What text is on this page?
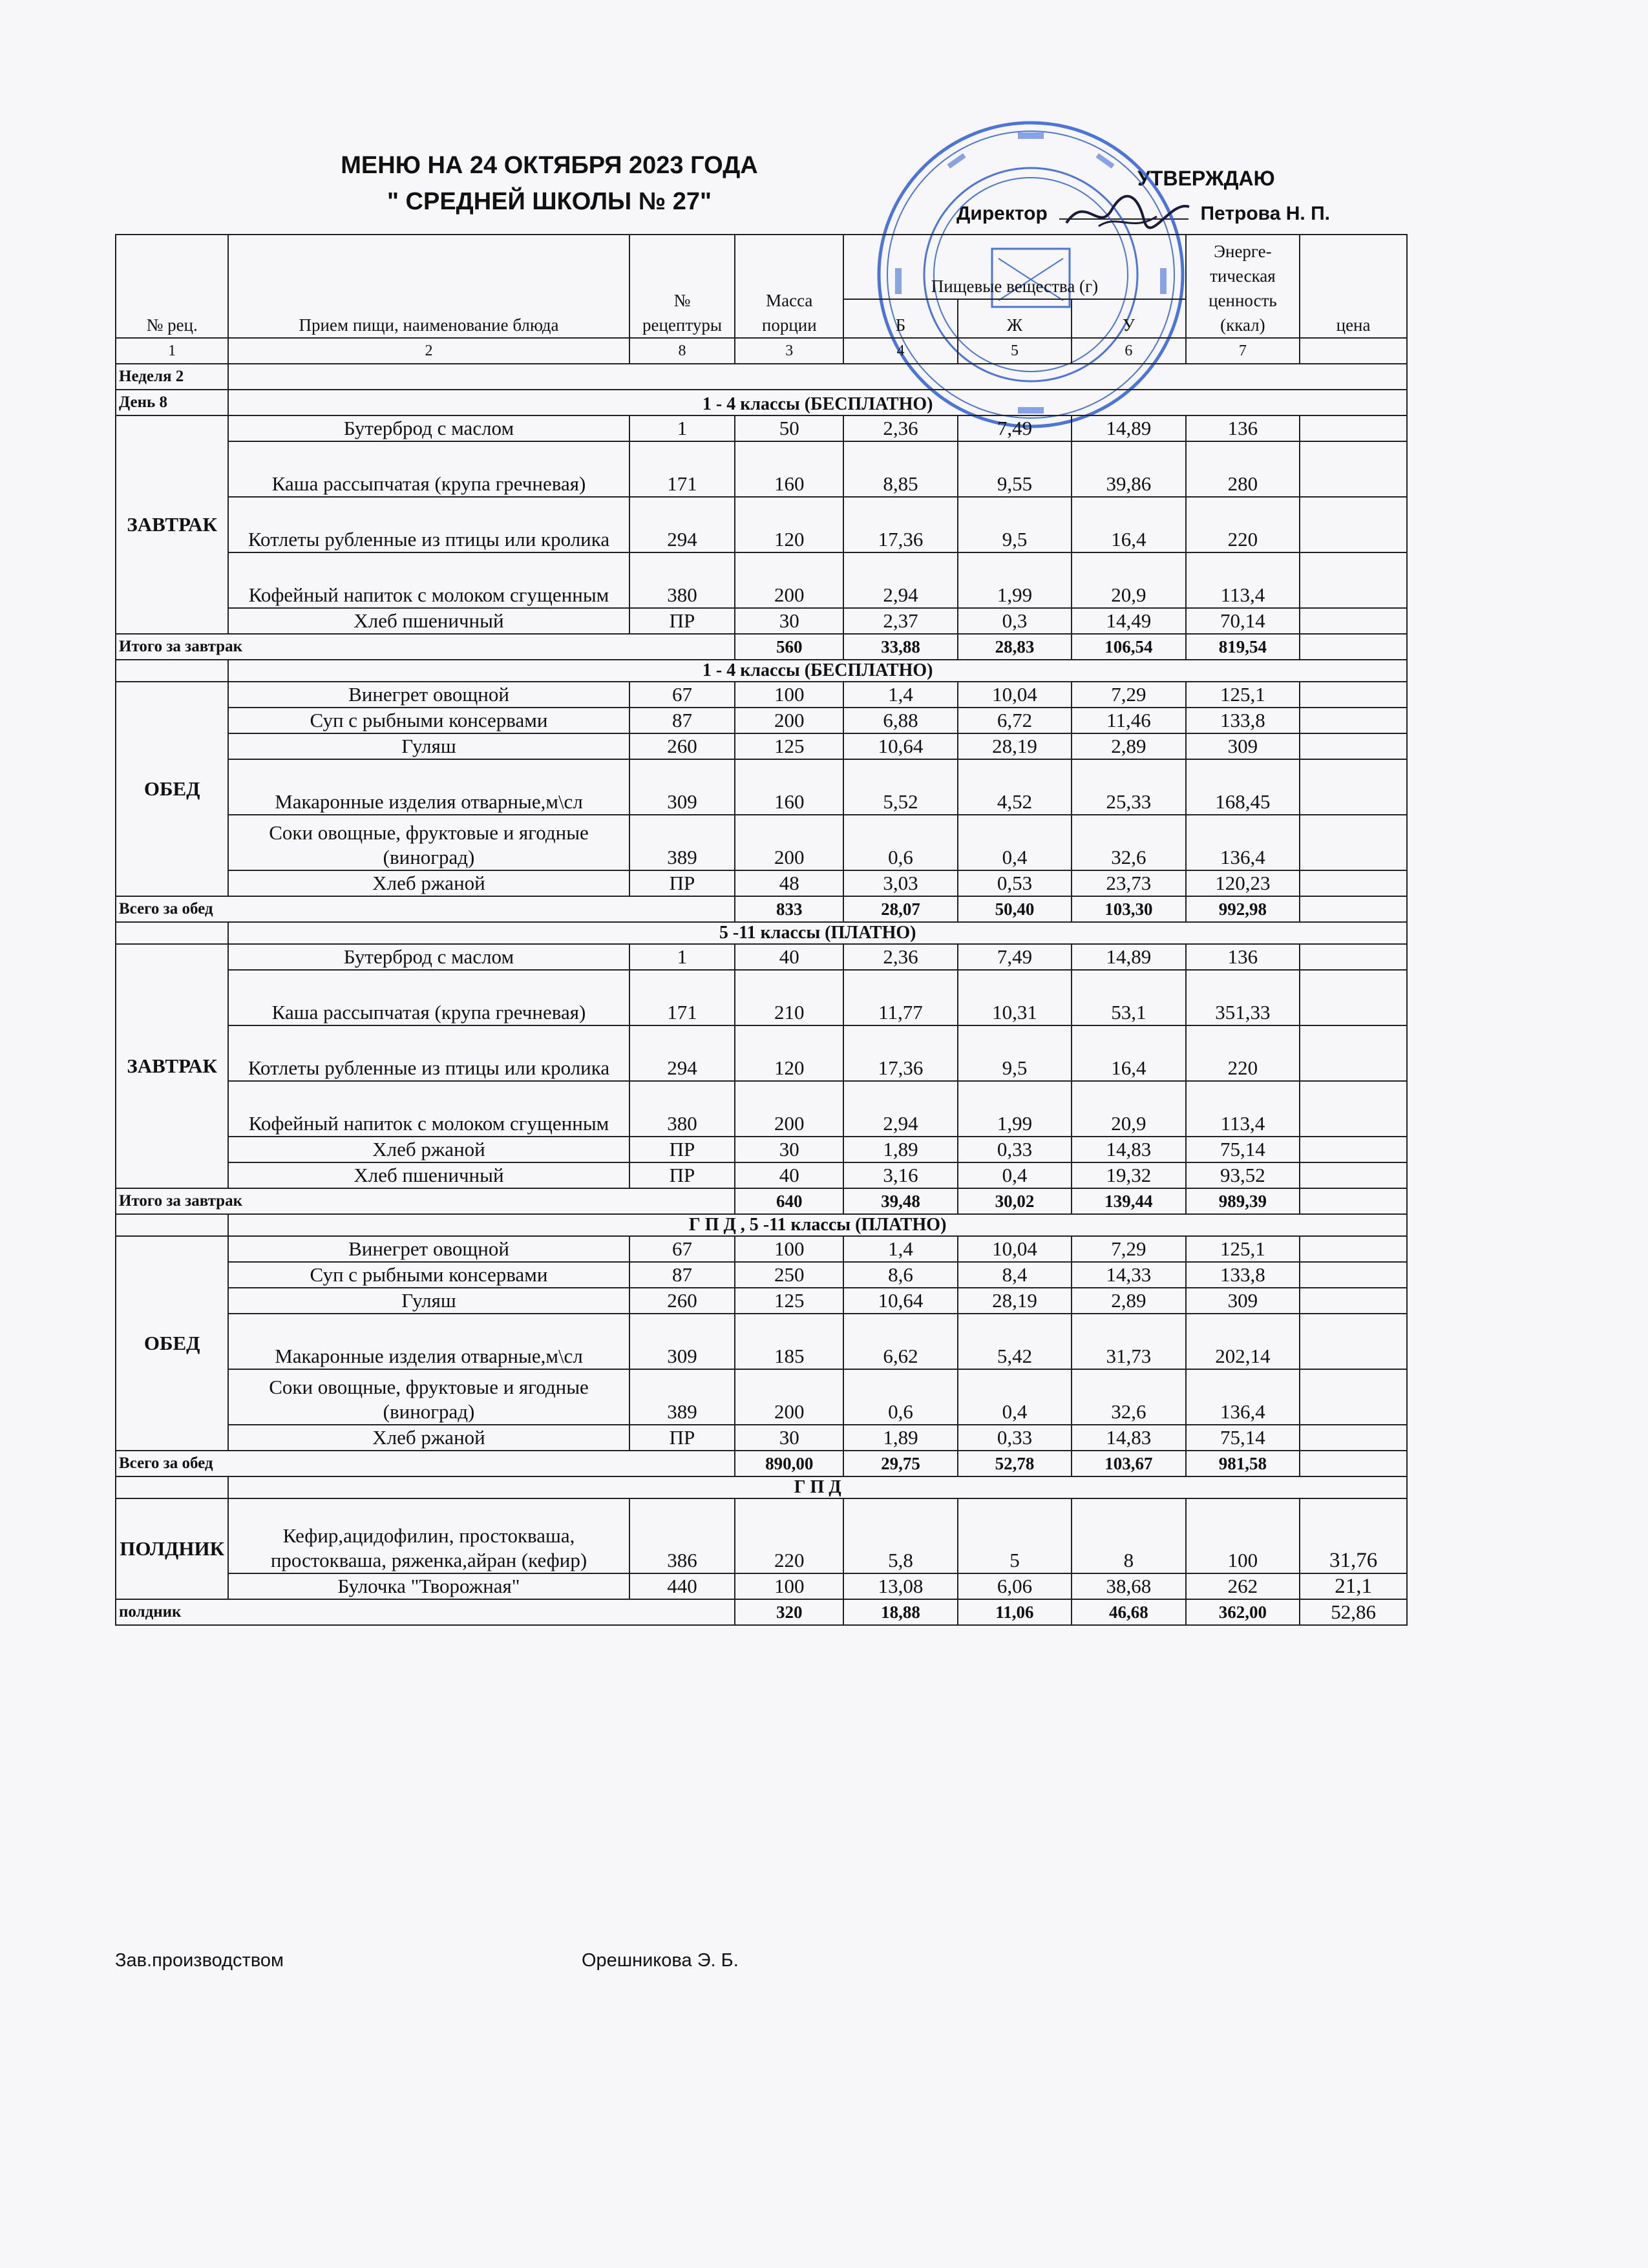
МЕНЮ НА 24 ОКТЯБРЯ 2023 ГОДА
" СРЕДНЕЙ ШКОЛЫ № 27"
УТВЕРЖДАЮ
Директор	Петрова Н. П.
№ рец.	Прием пищи, наименование блюда	№ рецептуры	Масса порции	Пищевые вещества (г)			Энерге-тическая ценность (ккал)	цена
				Б	Ж	У		
1	2	8	3	4	5	6	7	
Неделя 2								
День 8	1 - 4 классы (БЕСПЛАТНО)							
ЗАВТРАК	Бутерброд с маслом	1	50	2,36	7,49	14,89	136	
	Каша рассыпчатая (крупа гречневая)	171	160	8,85	9,55	39,86	280	
	Котлеты рубленные из птицы или кролика	294	120	17,36	9,5	16,4	220	
	Кофейный напиток с молоком сгущенным	380	200	2,94	1,99	20,9	113,4	
	Хлеб пшеничный	ПР	30	2,37	0,3	14,49	70,14	
Итого за завтрак			560	33,88	28,83	106,54	819,54	
	1 - 4 классы (БЕСПЛАТНО)							
ОБЕД	Винегрет овощной	67	100	1,4	10,04	7,29	125,1	
	Суп с рыбными консервами	87	200	6,88	6,72	11,46	133,8	
	Гуляш	260	125	10,64	28,19	2,89	309	
	Макаронные изделия отварные,м\сл	309	160	5,52	4,52	25,33	168,45	
	Соки овощные, фруктовые и ягодные (виноград)	389	200	0,6	0,4	32,6	136,4	
	Хлеб ржаной	ПР	48	3,03	0,53	23,73	120,23	
Всего за обед			833	28,07	50,40	103,30	992,98	
	5 -11 классы (ПЛАТНО)							
ЗАВТРАК	Бутерброд с маслом	1	40	2,36	7,49	14,89	136	
	Каша рассыпчатая (крупа гречневая)	171	210	11,77	10,31	53,1	351,33	
	Котлеты рубленные из птицы или кролика	294	120	17,36	9,5	16,4	220	
	Кофейный напиток с молоком сгущенным	380	200	2,94	1,99	20,9	113,4	
	Хлеб ржаной	ПР	30	1,89	0,33	14,83	75,14	
	Хлеб пшеничный	ПР	40	3,16	0,4	19,32	93,52	
Итого за завтрак			640	39,48	30,02	139,44	989,39	
	Г П Д , 5 -11 классы (ПЛАТНО)							
ОБЕД	Винегрет овощной	67	100	1,4	10,04	7,29	125,1	
	Суп с рыбными консервами	87	250	8,6	8,4	14,33	133,8	
	Гуляш	260	125	10,64	28,19	2,89	309	
	Макаронные изделия отварные,м\сл	309	185	6,62	5,42	31,73	202,14	
	Соки овощные, фруктовые и ягодные (виноград)	389	200	0,6	0,4	32,6	136,4	
	Хлеб ржаной	ПР	30	1,89	0,33	14,83	75,14	
Всего за обед			890,00	29,75	52,78	103,67	981,58	
	Г П Д							
ПОЛДНИК	Кефир,ацидофилин, простокваша, простокваша, ряженка,айран (кефир)	386	220	5,8	5	8	100	31,76
	Булочка "Творожная"	440	100	13,08	6,06	38,68	262	21,1
полдник			320	18,88	11,06	46,68	362,00	52,86
Зав.производством	Орешникова Э. Б.
